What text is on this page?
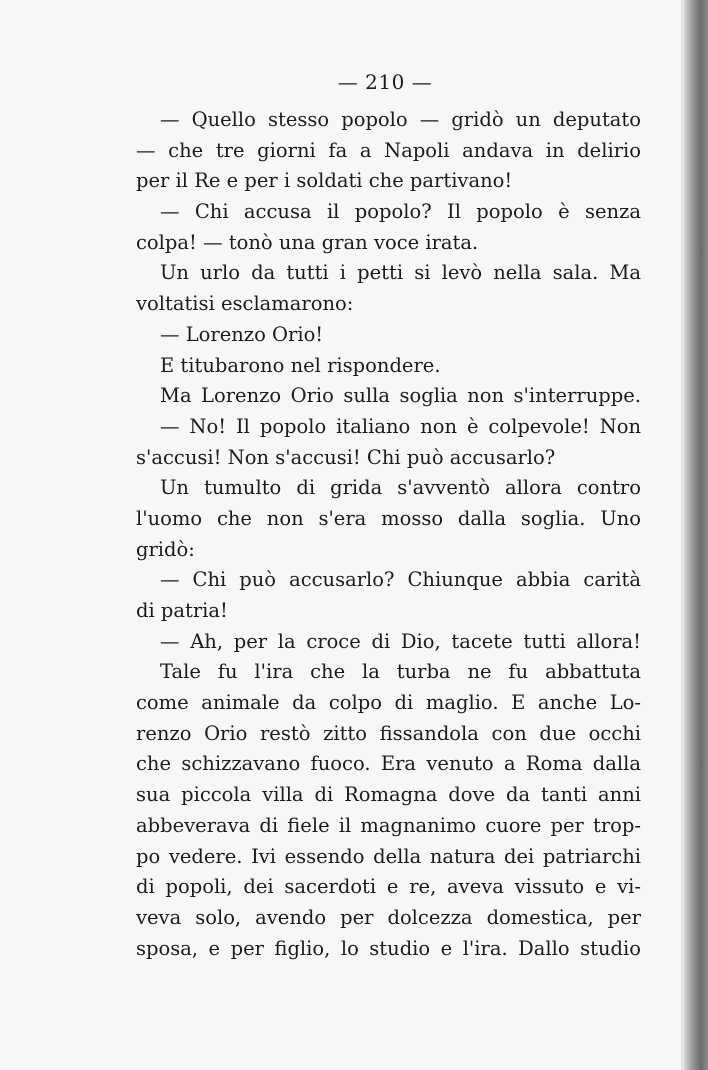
— 210 —
— Quello stesso popolo — gridò un deputato
— che tre giorni fa a Napoli andava in delirio
per il Re e per i soldati che partivano!
— Chi accusa il popolo? Il popolo è senza
colpa! — tonò una gran voce irata.
Un urlo da tutti i petti si levò nella sala. Ma
voltatisi esclamarono:
— Lorenzo Orio!
E titubarono nel rispondere.
Ma Lorenzo Orio sulla soglia non s'interruppe.
— No! Il popolo italiano non è colpevole! Non
s'accusi! Non s'accusi! Chi può accusarlo?
Un tumulto di grida s'avventò allora contro
l'uomo che non s'era mosso dalla soglia. Uno
gridò:
— Chi può accusarlo? Chiunque abbia carità
di patria!
— Ah, per la croce di Dio, tacete tutti allora!
Tale fu l'ira che la turba ne fu abbattuta
come animale da colpo di maglio. E anche Lo-
renzo Orio restò zitto fissandola con due occhi
che schizzavano fuoco. Era venuto a Roma dalla
sua piccola villa di Romagna dove da tanti anni
abbeverava di fiele il magnanimo cuore per trop-
po vedere. Ivi essendo della natura dei patriarchi
di popoli, dei sacerdoti e re, aveva vissuto e vi-
veva solo, avendo per dolcezza domestica, per
sposa, e per figlio, lo studio e l'ira. Dallo studio
